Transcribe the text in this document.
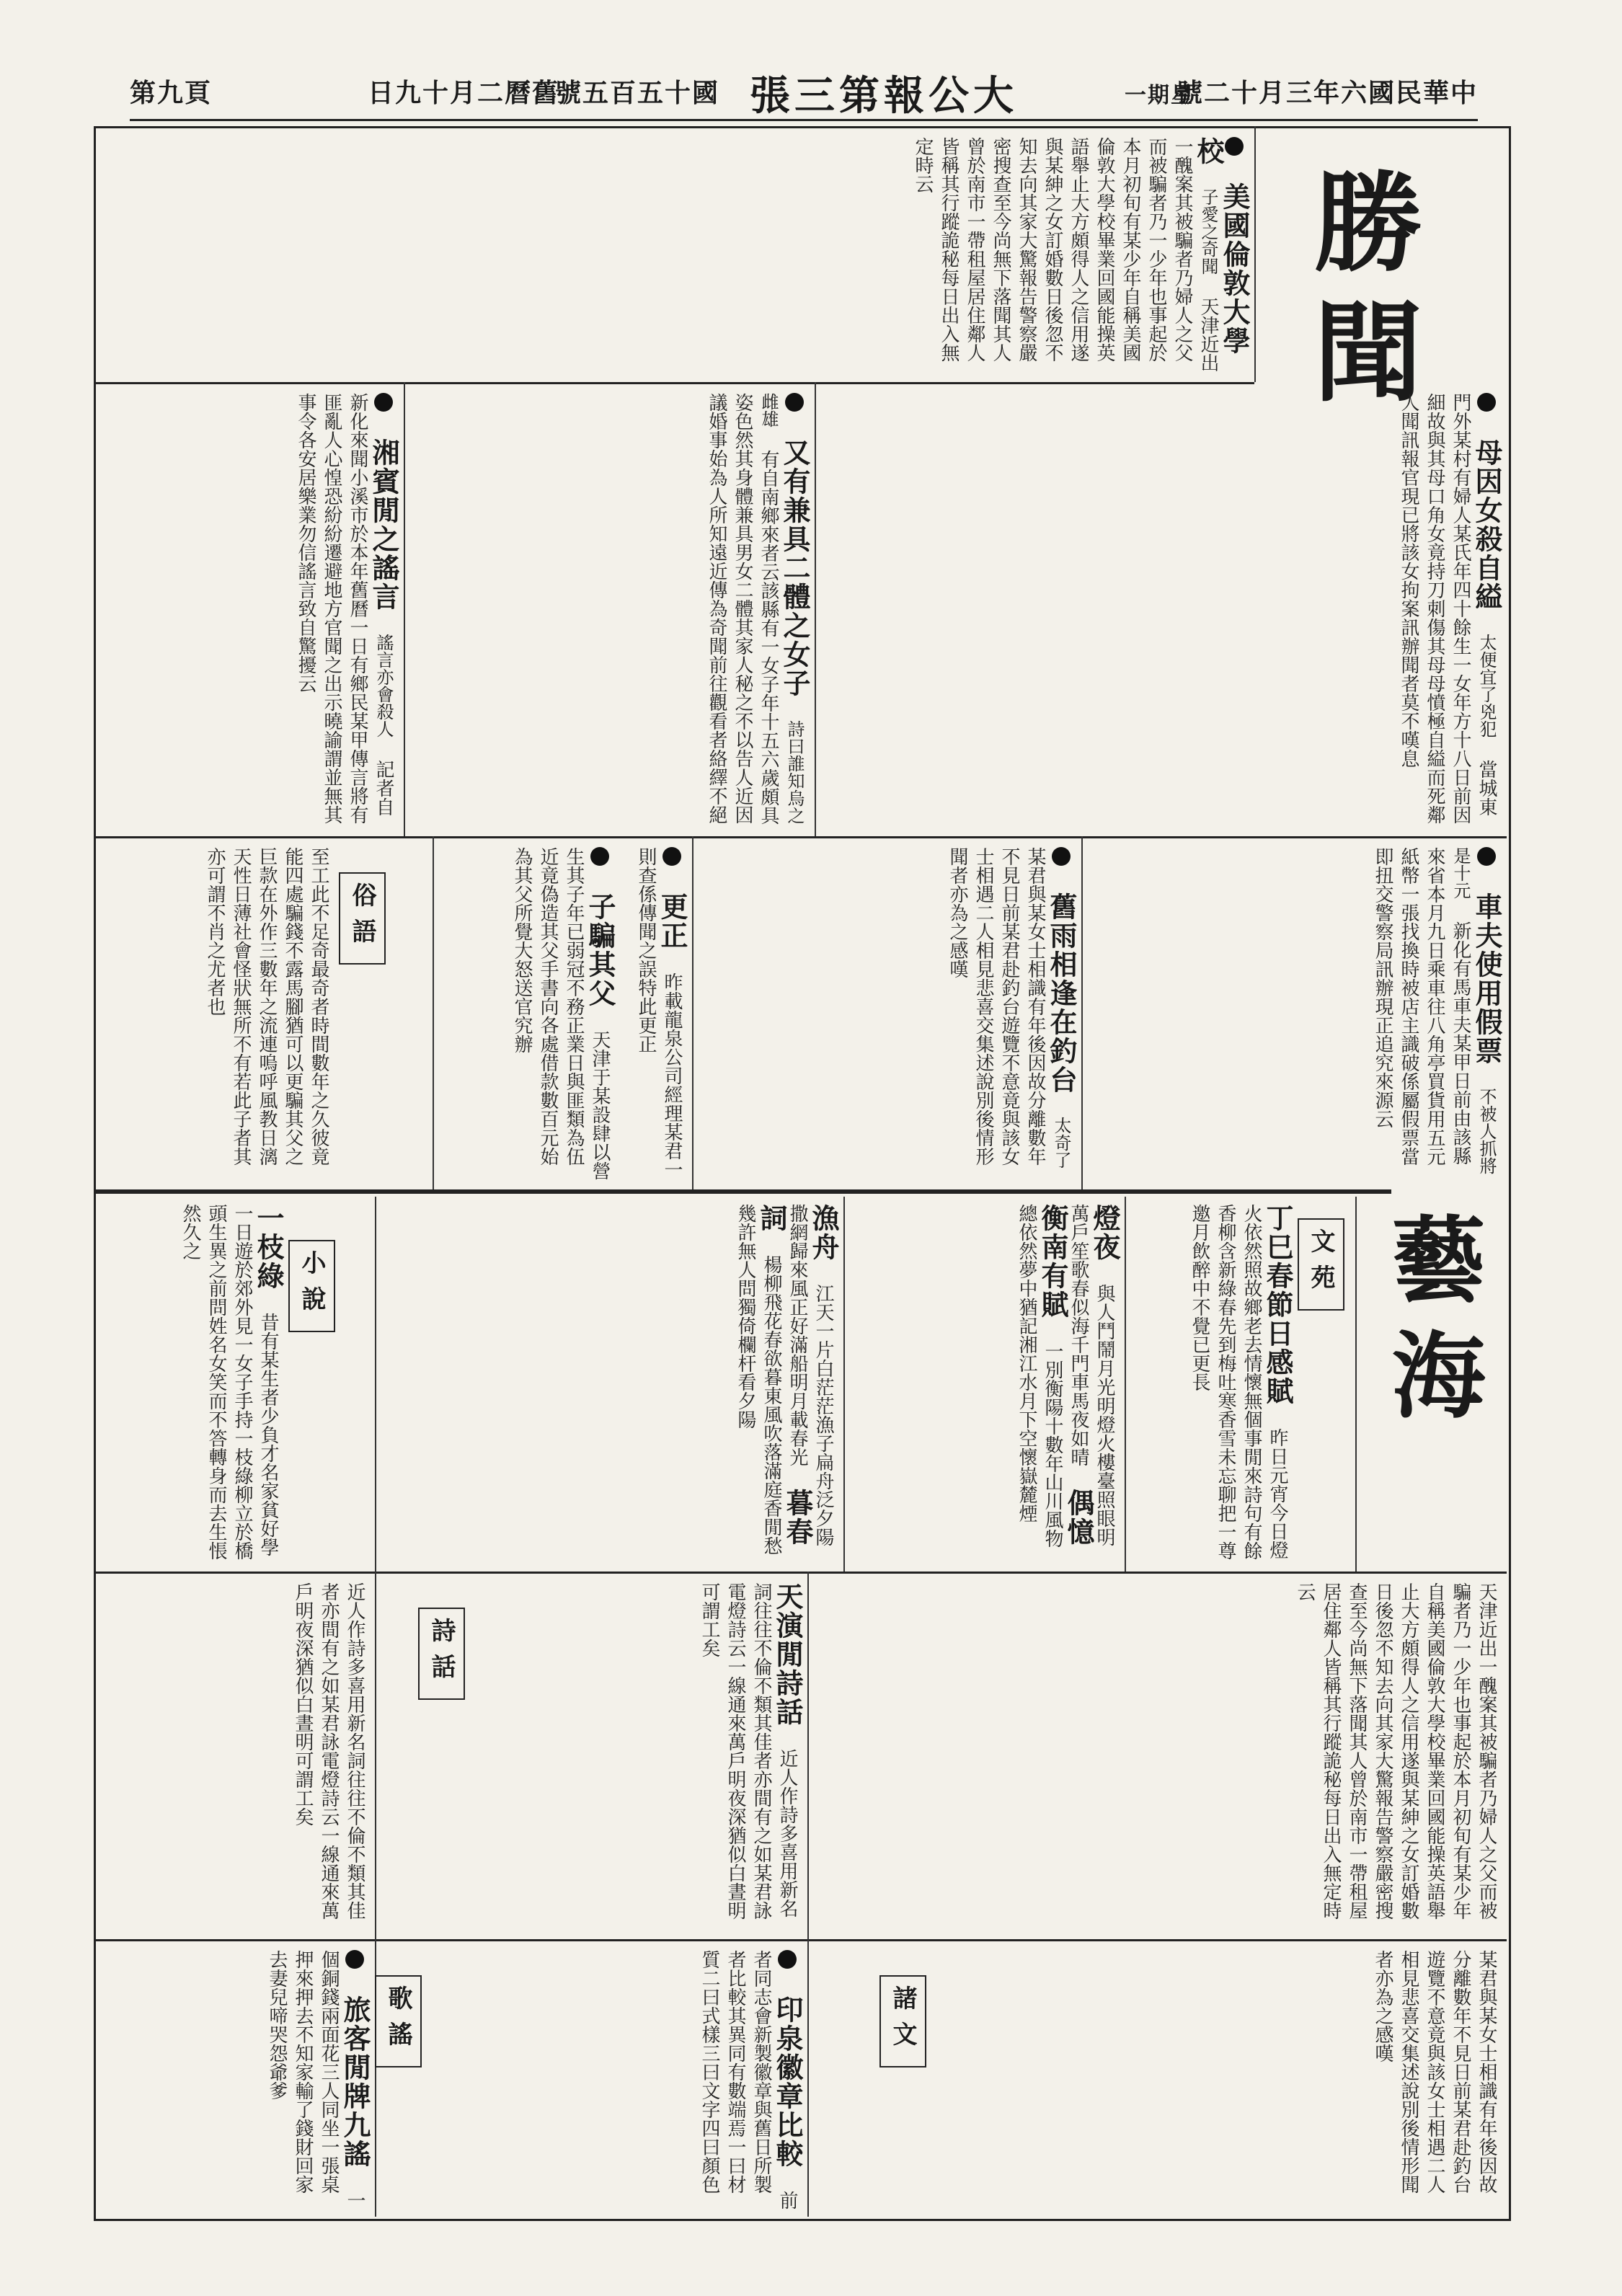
第九頁	日九十月二曆舊
號五百五十國 張三第報公大	一期星
號二十月三年六國民華中
勝聞
藝海
美國倫敦大學校 子愛之奇聞 天津近出一醜案其被騙者乃婦人之父而被騙者乃一少年也事起於本月初旬有某少年自稱美國倫敦大學校畢業回國能操英語舉止大方頗得人之信用遂與某紳之女訂婚數日後忽不知去向其家大驚報告警察嚴密搜查至今尚無下落聞其人曾於南市一帶租屋居住鄰人皆稱其行蹤詭秘每日出入無定時云
母因女殺自縊 太便宜了兇犯 當城東門外某村有婦人某氏年四十餘生一女年方十八日前因細故與其母口角女竟持刀刺傷其母母憤極自縊而死鄰人聞訊報官現已將該女拘案訊辦聞者莫不嘆息
又有兼具二體之女子 詩曰誰知烏之雌雄 有自南鄉來者云該縣有一女子年十五六歲頗具姿色然其身體兼具男女二體其家人秘之不以告人近因議婚事始為人所知遠近傳為奇聞前往觀看者絡繹不絕
湘賓閒之謠言 謠言亦會殺人 記者自新化來聞小溪市於本年舊曆一日有鄉民某甲傳言將有匪亂人心惶恐紛紛遷避地方官聞之出示曉諭謂並無其事令各安居樂業勿信謠言致自驚擾云
車夫使用假票 不被人抓將是十元 新化有馬車夫某甲日前由該縣來省本月九日乘車往八角亭買貨用五元紙幣一張找換時被店主識破係屬假票當即扭交警察局訊辦現正追究來源云
舊雨相逢在釣台 太奇了 某君與某女士相識有年後因故分離數年不見日前某君赴釣台遊覽不意竟與該女士相遇二人相見悲喜交集述說別後情形聞者亦為之感嘆
更正 昨載龍泉公司經理某君一則查係傳聞之誤特此更正
子騙其父 天津于某設肆以營生其子年已弱冠不務正業日與匪類為伍近竟偽造其父手書向各處借款數百元始為其父所覺大怒送官究辦
俗語
至工此不足奇最奇者時間數年之久彼竟能四處騙錢不露馬腳猶可以更騙其父之巨款在外作三數年之流連嗚呼風教日漓天性日薄社會怪狀無所不有若此子者其亦可謂不肖之尤者也
文苑
丁巳春節日感賦 昨日元宵今日燈火依然照故鄉老去情懷無個事閒來詩句有餘香柳含新綠春先到梅吐寒香雪未忘聊把一尊邀月飲醉中不覺已更長
燈夜 與人鬥鬧月光明燈火樓臺照眼明萬戶笙歌春似海千門車馬夜如晴 偶憶衡南有賦 一別衡陽十數年山川風物總依然夢中猶記湘江水月下空懷嶽麓煙
漁舟 江天一片白茫茫漁子扁舟泛夕陽撒網歸來風正好滿船明月載春光 暮春詞 楊柳飛花春欲暮東風吹落滿庭香閒愁幾許無人問獨倚欄杆看夕陽
小說
一枝綠 昔有某生者少負才名家貧好學一日遊於郊外見一女子手持一枝綠柳立於橋頭生異之前問姓名女笑而不答轉身而去生悵然久之
天津近出一醜案其被騙者乃婦人之父而被騙者乃一少年也事起於本月初旬有某少年自稱美國倫敦大學校畢業回國能操英語舉止大方頗得人之信用遂與某紳之女訂婚數日後忽不知去向其家大驚報告警察嚴密搜查至今尚無下落聞其人曾於南市一帶租屋居住鄰人皆稱其行蹤詭秘每日出入無定時云
詩話	天演閒詩話 近人作詩多喜用新名詞往往不倫不類其佳者亦間有之如某君詠電燈詩云一線通來萬戶明夜深猶似白晝明可謂工矣
近人作詩多喜用新名詞往往不倫不類其佳者亦間有之如某君詠電燈詩云一線通來萬戶明夜深猶似白晝明可謂工矣
某君與某女士相識有年後因故分離數年不見日前某君赴釣台遊覽不意竟與該女士相遇二人相見悲喜交集述說別後情形聞者亦為之感嘆
諸文
印泉徽章比較 前者同志會新製徽章與舊日所製者比較其異同有數端焉一曰材質二曰式樣三曰文字四曰顏色
歌謠
旅客閒牌九謠 一個銅錢兩面花三人同坐一張桌押來押去不知家輸了錢財回家去妻兒啼哭怨爺爹
